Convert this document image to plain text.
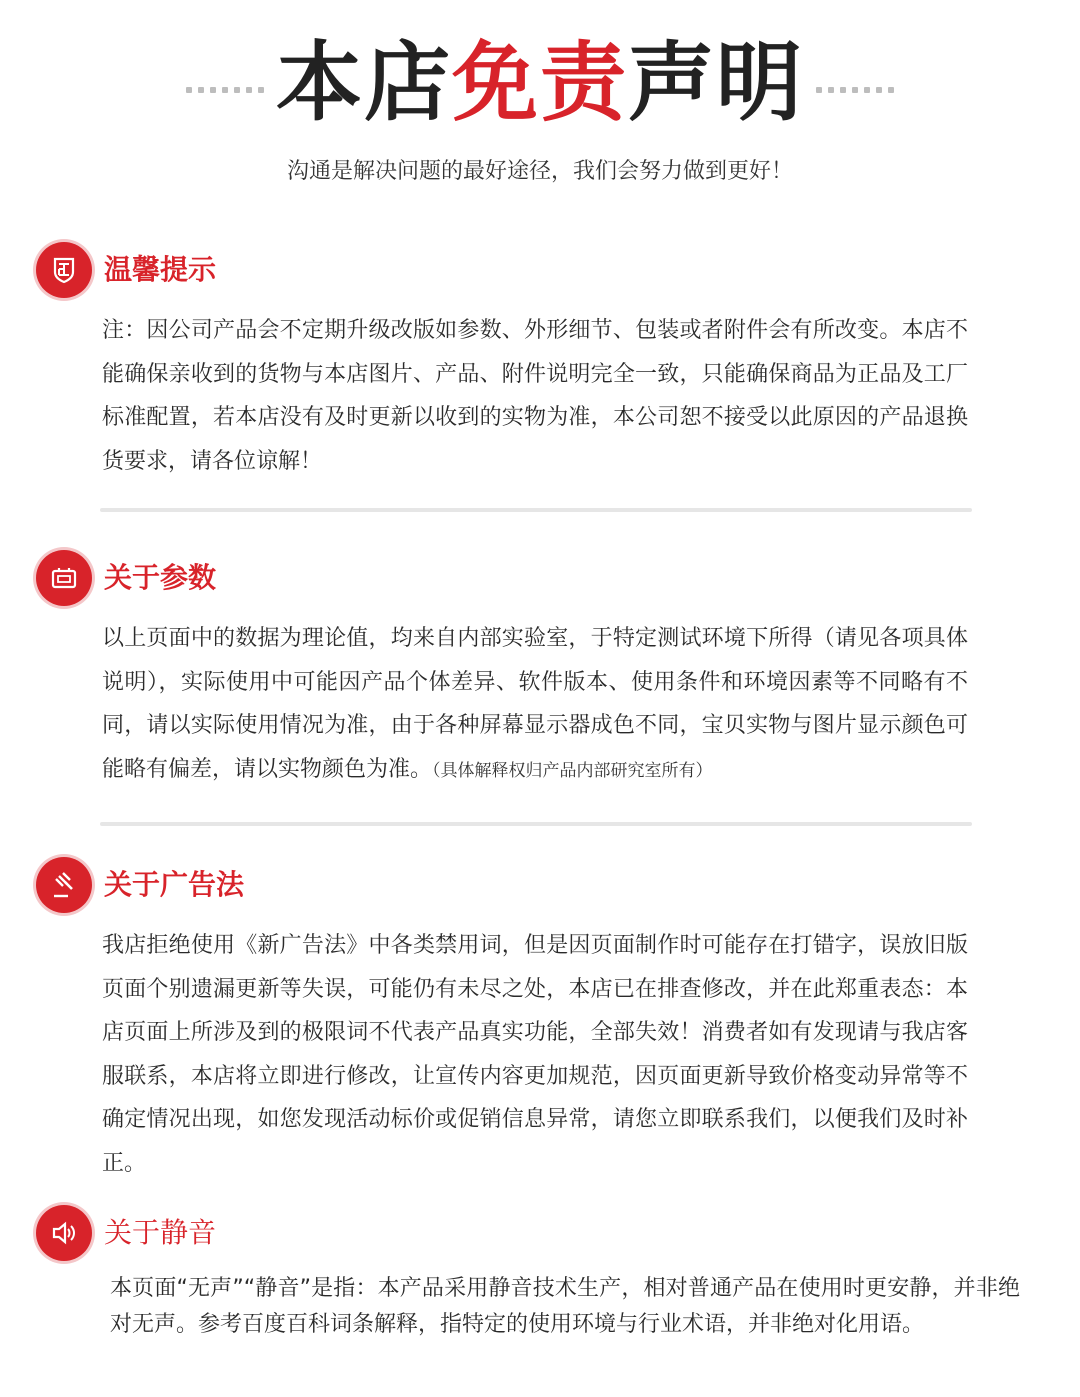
本店免责声明
沟通是解决问题的最好途径，我们会努力做到更好！
温馨提示
注：因公司产品会不定期升级改版如参数、外形细节、包装或者附件会有所改变。本店不能确保亲收到的货物与本店图片、产品、附件说明完全一致，只能确保商品为正品及工厂标准配置，若本店没有及时更新以收到的实物为准，本公司恕不接受以此原因的产品退换货要求，请各位谅解！
关于参数
以上页面中的数据为理论值，均来自内部实验室，于特定测试环境下所得（请见各项具体说明），实际使用中可能因产品个体差异、软件版本、使用条件和环境因素等不同略有不同，请以实际使用情况为准，由于各种屏幕显示器成色不同，宝贝实物与图片显示颜色可能略有偏差，请以实物颜色为准。（具体解释权归产品内部研究室所有）
关于广告法
我店拒绝使用《新广告法》中各类禁用词，但是因页面制作时可能存在打错字，误放旧版页面个别遗漏更新等失误，可能仍有未尽之处，本店已在排查修改，并在此郑重表态：本店页面上所涉及到的极限词不代表产品真实功能，全部失效！消费者如有发现请与我店客服联系，本店将立即进行修改，让宣传内容更加规范，因页面更新导致价格变动异常等不确定情况出现，如您发现活动标价或促销信息异常，请您立即联系我们，以便我们及时补正。
关于静音
本页面“无声”“静音”是指：本产品采用静音技术生产，相对普通产品在使用时更安静，并非绝对无声。参考百度百科词条解释，指特定的使用环境与行业术语，并非绝对化用语。
